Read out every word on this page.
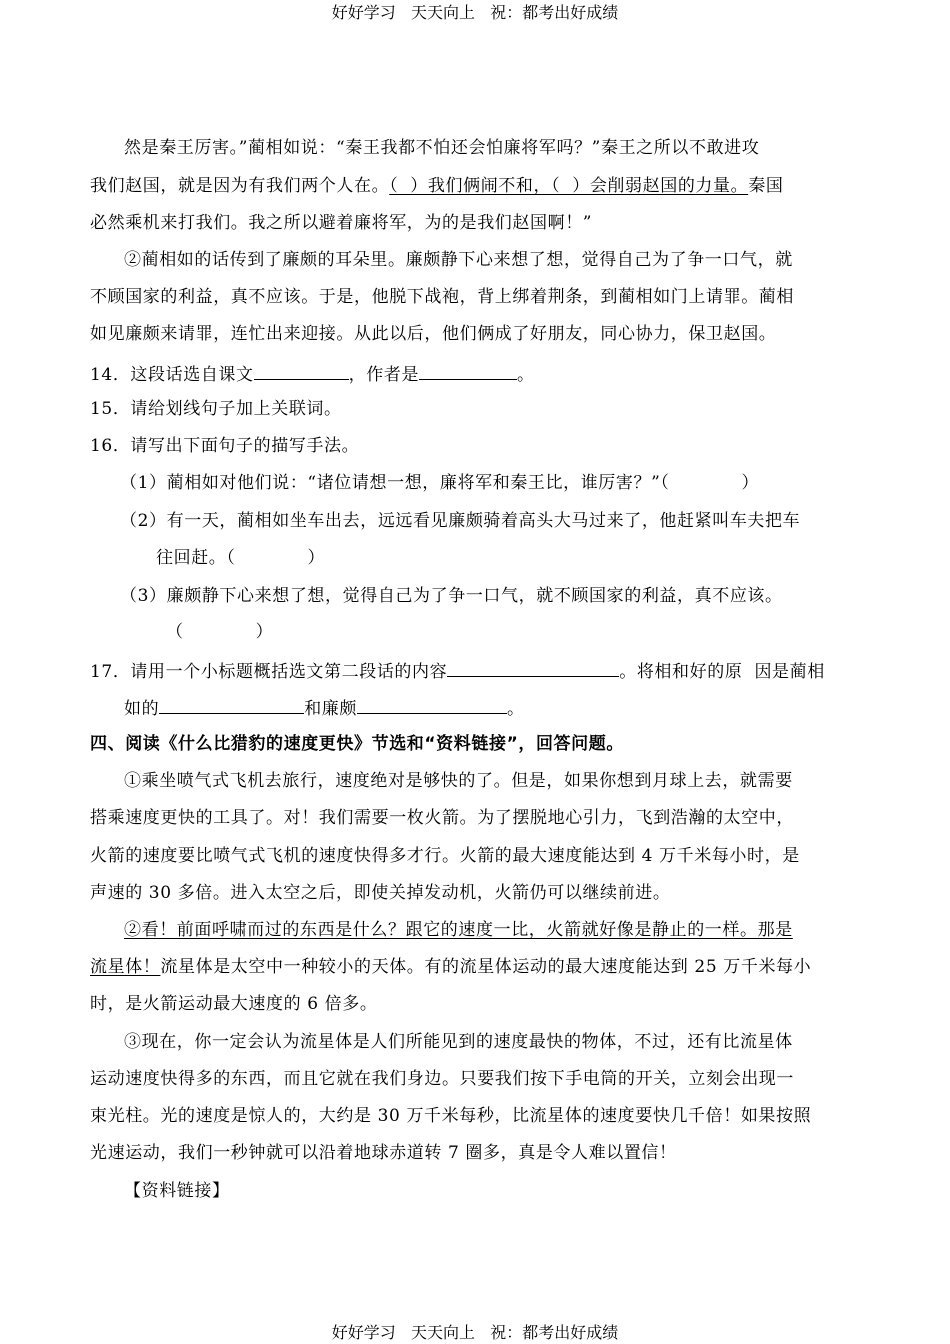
好好学习   天天向上   祝：都考出好成绩
然是秦王厉害。”蔺相如说：“秦王我都不怕还会怕廉将军吗？”秦王之所以不敢进攻
我们赵国，就是因为有我们两个人在。（  ）我们俩闹不和，（  ）会削弱赵国的力量。秦国
必然乘机来打我们。我之所以避着廉将军，为的是我们赵国啊！”
②蔺相如的话传到了廉颇的耳朵里。廉颇静下心来想了想，觉得自己为了争一口气，就
不顾国家的利益，真不应该。于是，他脱下战袍，背上绑着荆条，到蔺相如门上请罪。蔺相
如见廉颇来请罪，连忙出来迎接。从此以后，他们俩成了好朋友，同心协力，保卫赵国。
14．这段话选自课文	，作者是	。
15．请给划线句子加上关联词。
16．请写出下面句子的描写手法。
（1）蔺相如对他们说：“诸位请想一想，廉将军和秦王比，谁厉害？”（            ）
（2）有一天，蔺相如坐车出去，远远看见廉颇骑着高头大马过来了，他赶紧叫车夫把车
往回赶。（            ）
（3）廉颇静下心来想了想，觉得自己为了争一口气，就不顾国家的利益，真不应该。
（            ）
17．请用一个小标题概括选文第二段话的内容	。将相和好的原  因是蔺相
如的	和廉颇	。
四、阅读《什么比猎豹的速度更快》节选和“资料链接”，回答问题。
①乘坐喷气式飞机去旅行，速度绝对是够快的了。但是，如果你想到月球上去，就需要
搭乘速度更快的工具了。对！我们需要一枚火箭。为了摆脱地心引力，飞到浩瀚的太空中，
火箭的速度要比喷气式飞机的速度快得多才行。火箭的最大速度能达到 4 万千米每小时，是
声速的 30 多倍。进入太空之后，即使关掉发动机，火箭仍可以继续前进。
②看！前面呼啸而过的东西是什么？跟它的速度一比，火箭就好像是静止的一样。那是
流星体！流星体是太空中一种较小的天体。有的流星体运动的最大速度能达到 25 万千米每小
时，是火箭运动最大速度的 6 倍多。
③现在，你一定会认为流星体是人们所能见到的速度最快的物体，不过，还有比流星体
运动速度快得多的东西，而且它就在我们身边。只要我们按下手电筒的开关，立刻会出现一
束光柱。光的速度是惊人的，大约是 30 万千米每秒，比流星体的速度要快几千倍！如果按照
光速运动，我们一秒钟就可以沿着地球赤道转 7 圈多，真是令人难以置信！
【资料链接】
好好学习   天天向上   祝：都考出好成绩
